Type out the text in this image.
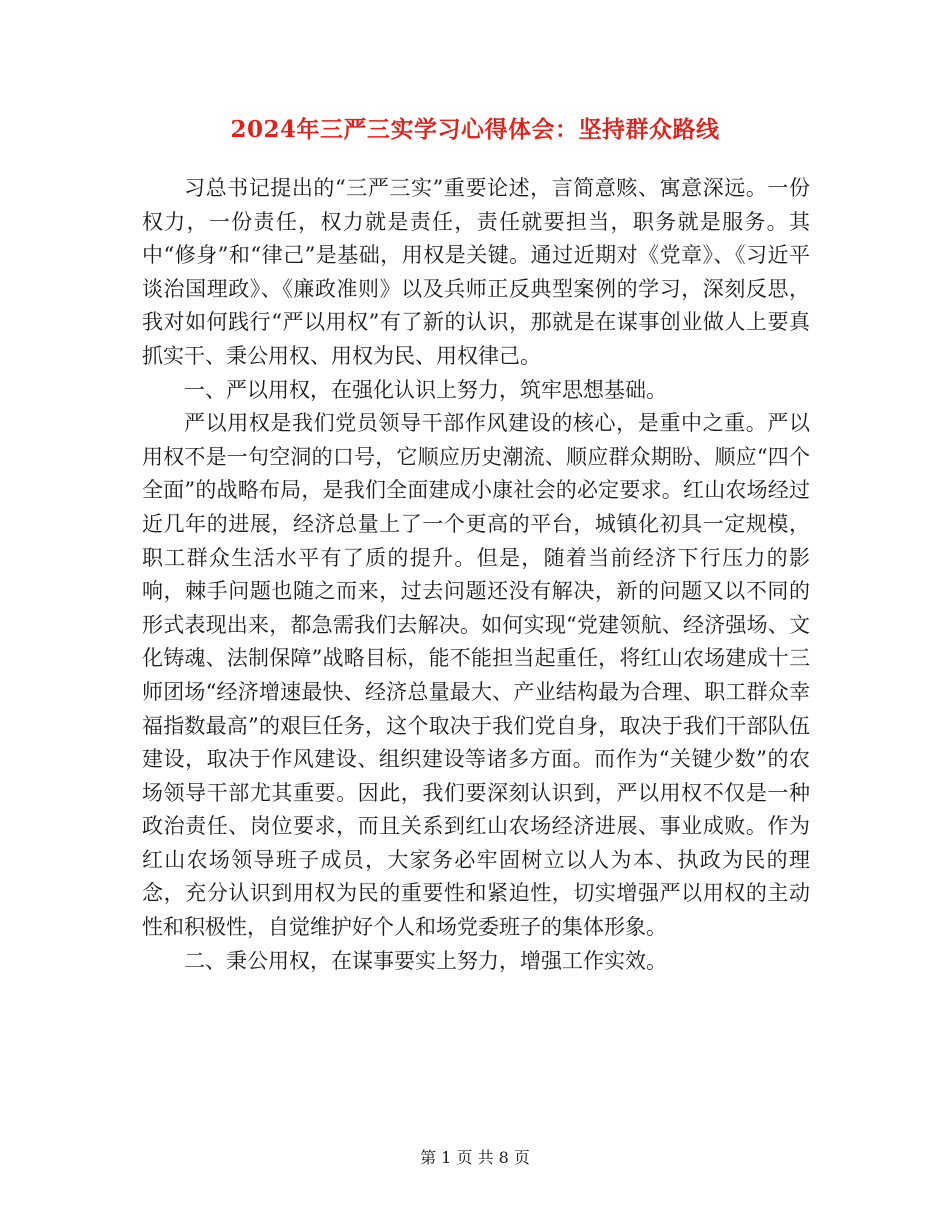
2024年三严三实学习心得体会：坚持群众路线

习总书记提出的“三严三实”重要论述，言简意赅、寓意深远。一份权力，一份责任，权力就是责任，责任就要担当，职务就是服务。其中“修身”和“律己”是基础，用权是关键。通过近期对《党章》、《习近平谈治国理政》、《廉政准则》以及兵师正反典型案例的学习，深刻反思，我对如何践行“严以用权”有了新的认识，那就是在谋事创业做人上要真抓实干、秉公用权、用权为民、用权律己。

一、严以用权，在强化认识上努力，筑牢思想基础。

严以用权是我们党员领导干部作风建设的核心，是重中之重。严以用权不是一句空洞的口号，它顺应历史潮流、顺应群众期盼、顺应“四个全面”的战略布局，是我们全面建成小康社会的必定要求。红山农场经过近几年的进展，经济总量上了一个更高的平台，城镇化初具一定规模，职工群众生活水平有了质的提升。但是，随着当前经济下行压力的影响，棘手问题也随之而来，过去问题还没有解决，新的问题又以不同的形式表现出来，都急需我们去解决。如何实现“党建领航、经济强场、文化铸魂、法制保障”战略目标，能不能担当起重任，将红山农场建成十三师团场“经济增速最快、经济总量最大、产业结构最为合理、职工群众幸福指数最高”的艰巨任务，这个取决于我们党自身，取决于我们干部队伍建设，取决于作风建设、组织建设等诸多方面。而作为“关键少数”的农场领导干部尤其重要。因此，我们要深刻认识到，严以用权不仅是一种政治责任、岗位要求，而且关系到红山农场经济进展、事业成败。作为红山农场领导班子成员，大家务必牢固树立以人为本、执政为民的理念，充分认识到用权为民的重要性和紧迫性，切实增强严以用权的主动性和积极性，自觉维护好个人和场党委班子的集体形象。

二、秉公用权，在谋事要实上努力，增强工作实效。

第 1 页 共 8 页
